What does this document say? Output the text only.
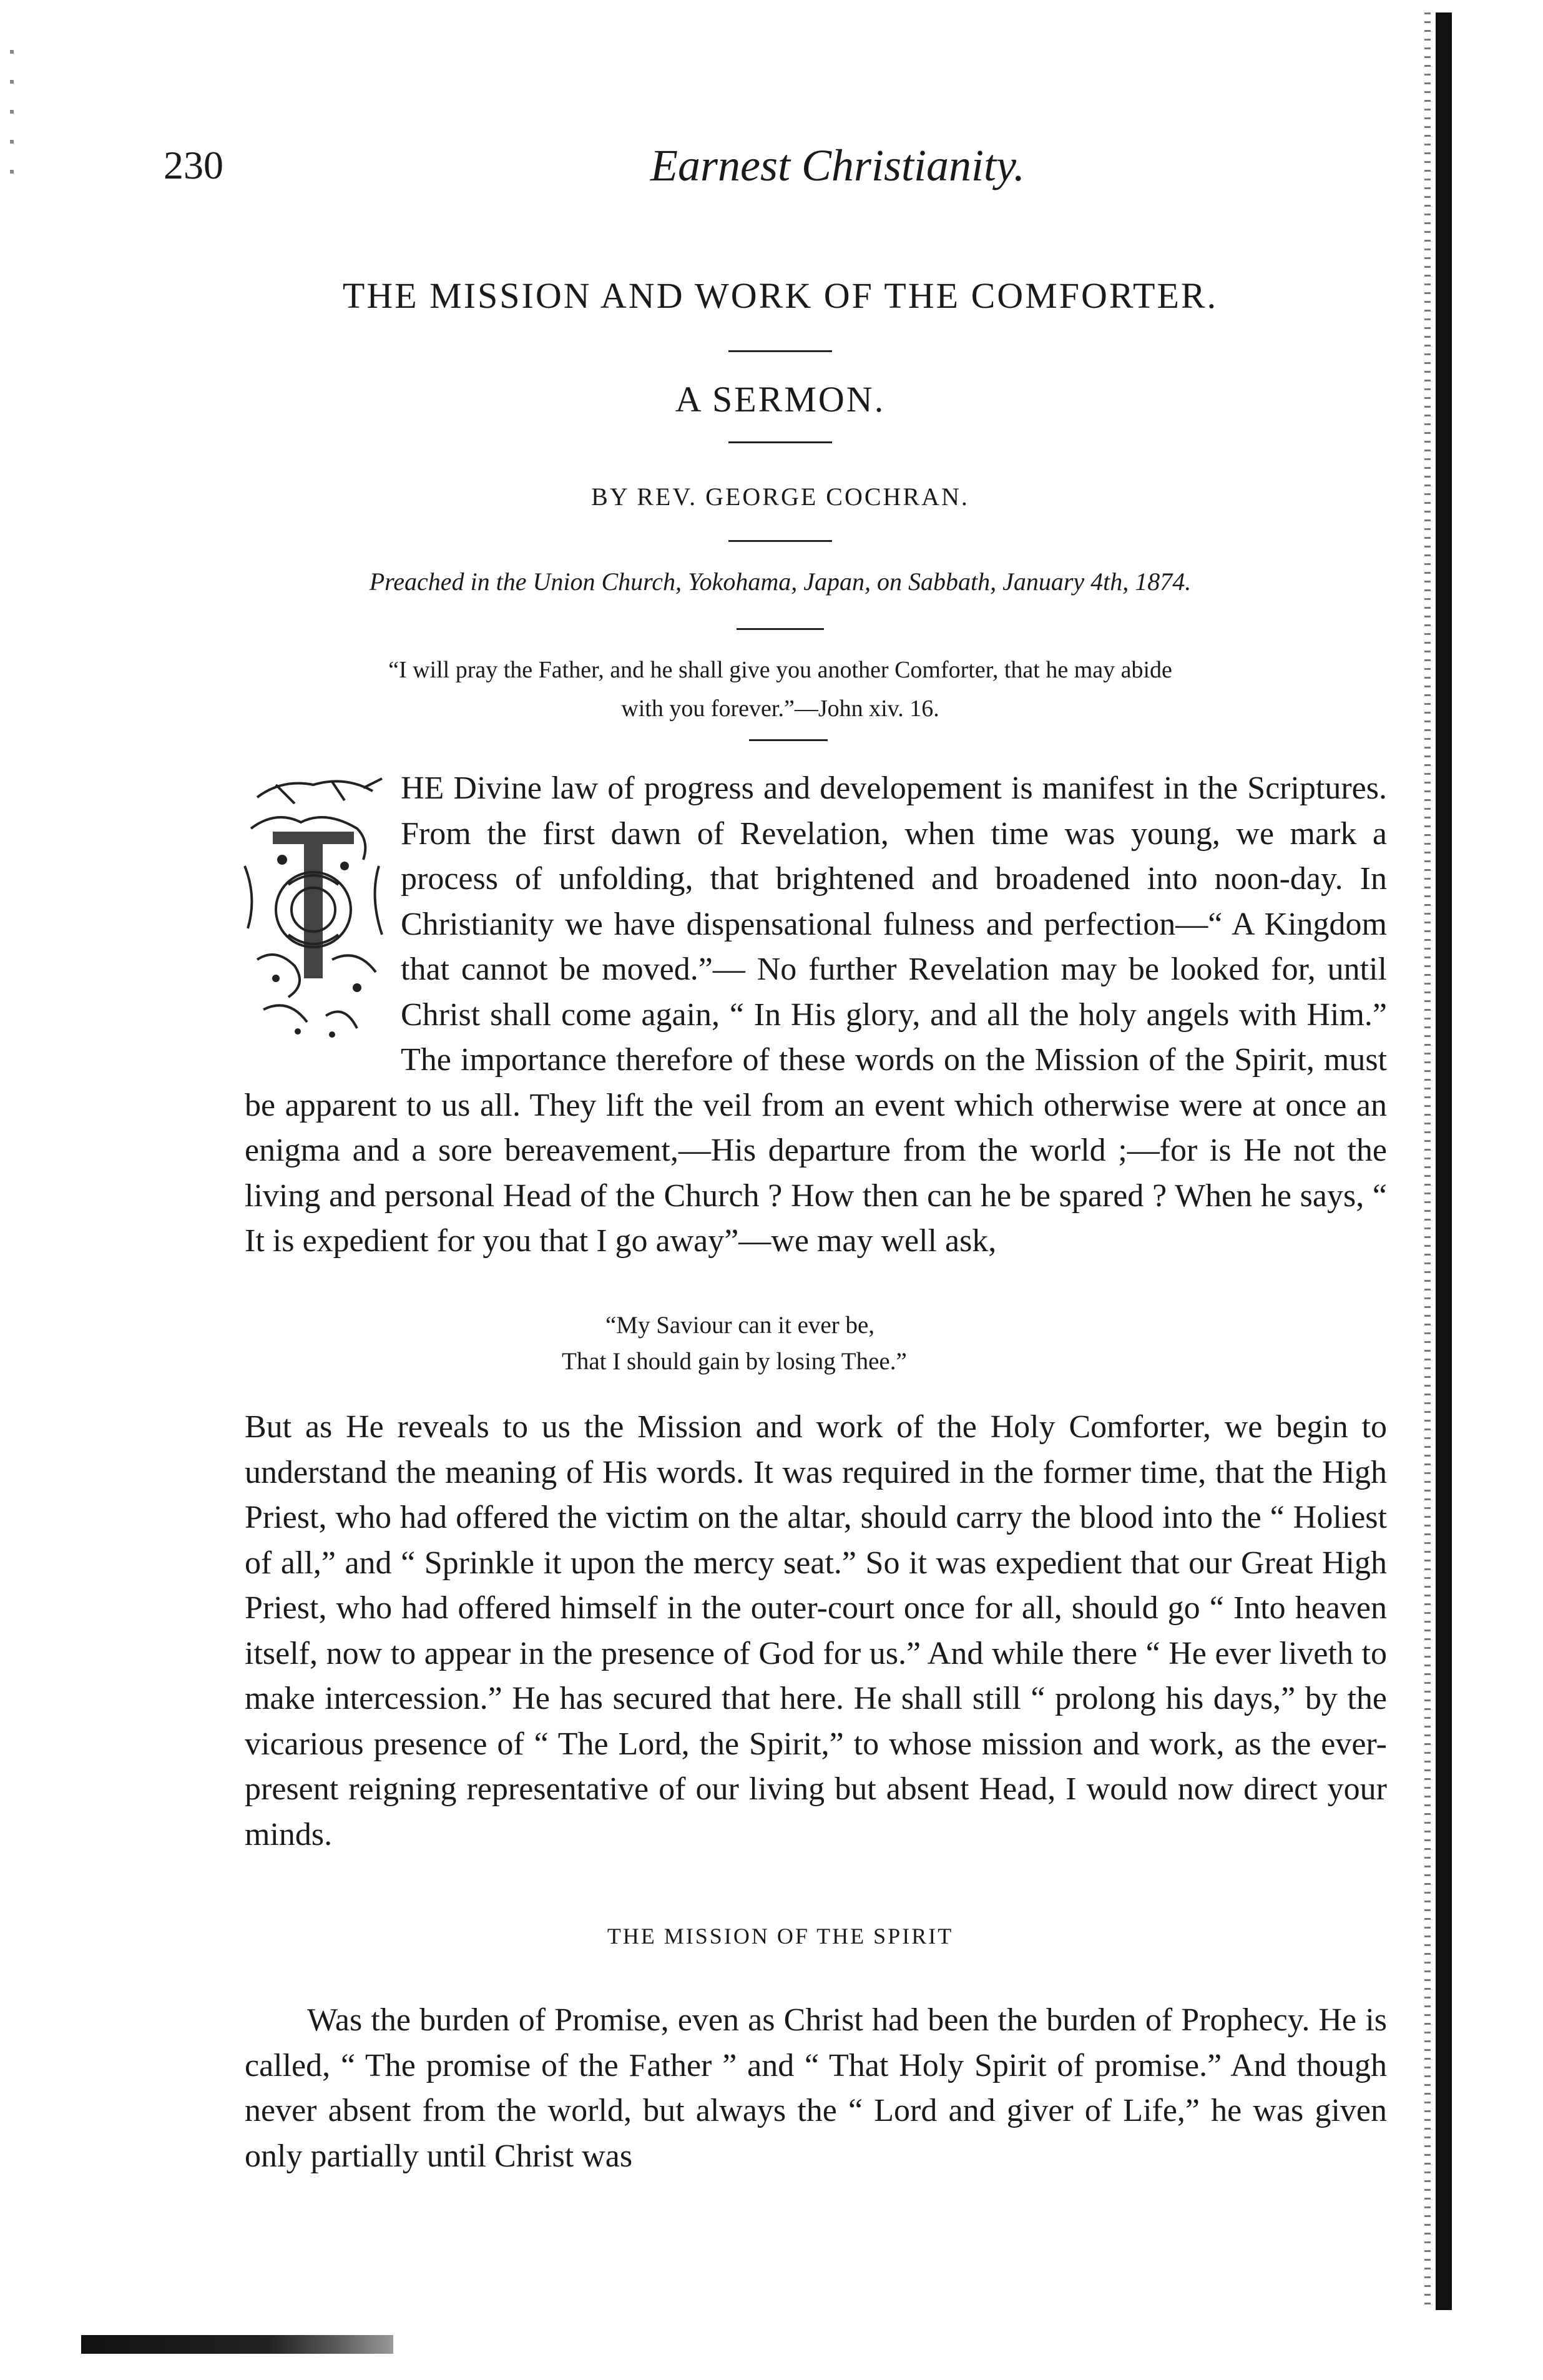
230	Earnest Christianity.
THE MISSION AND WORK OF THE COMFORTER.
A SERMON.
BY REV. GEORGE COCHRAN.
Preached in the Union Church, Yokohama, Japan, on Sabbath, January 4th, 1874.
“I will pray the Father, and he shall give you another Comforter, that he may abide
with you forever.”—John xiv. 16.

HE Divine law of progress and developement is manifest in the Scriptures. From the first dawn of Revelation, when time was young, we mark a process of unfolding, that brightened and broadened into noon-day. In Christianity we have dispensational fulness and perfection—“ A Kingdom that cannot be moved.”— No further Revelation may be looked for, until Christ shall come again, “ In His glory, and all the holy angels with Him.” The importance therefore of these words on the Mission of the Spirit, must be apparent to us all. They lift the veil from an event which otherwise were at once an enigma and a sore bereavement,—His departure from the world ;—for is He not the living and personal Head of the Church ? How then can he be spared ? When he says, “ It is expedient for you that I go away”—we may well ask,

“My Saviour can it ever be,
That I should gain by losing Thee.”

But as He reveals to us the Mission and work of the Holy Comforter, we begin to understand the meaning of His words. It was required in the former time, that the High Priest, who had offered the victim on the altar, should carry the blood into the “ Holiest of all,” and “ Sprinkle it upon the mercy seat.” So it was expedient that our Great High Priest, who had offered himself in the outer-court once for all, should go “ Into heaven itself, now to appear in the presence of God for us.” And while there “ He ever liveth to make intercession.” He has secured that here. He shall still “ prolong his days,” by the vicarious presence of “ The Lord, the Spirit,” to whose mission and work, as the ever-present reigning representative of our living but absent Head, I would now direct your minds.

THE MISSION OF THE SPIRIT

Was the burden of Promise, even as Christ had been the burden of Prophecy. He is called, “ The promise of the Father ” and “ That Holy Spirit of promise.” And though never absent from the world, but always the “ Lord and giver of Life,” he was given only partially until Christ was
